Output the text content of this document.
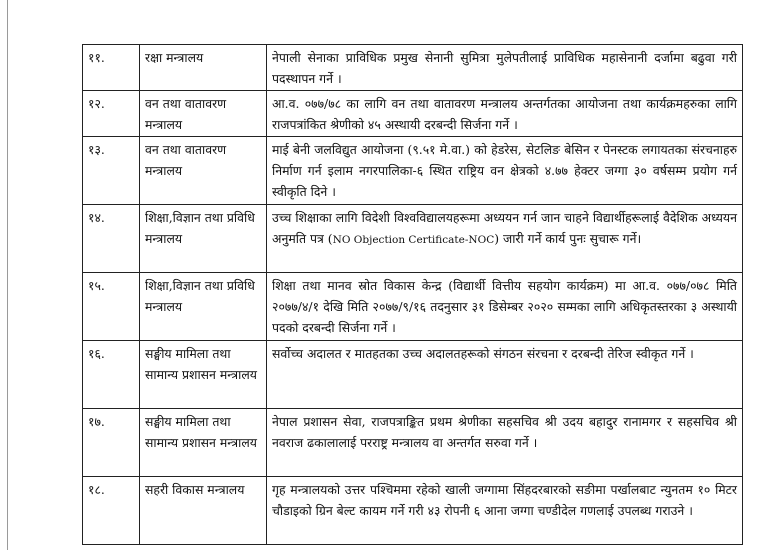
११.	रक्षा मन्त्रालय	नेपाली सेनाका प्राविधिक प्रमुख सेनानी सुमित्रा मुलेपतीलाई प्राविधिक महासेनानी दर्जामा बढुवा गरी पदस्थापन गर्ने ।
१२.	वन तथा वातावरण मन्त्रालय	आ.व. ०७७/७८ का लागि वन तथा वातावरण मन्त्रालय अन्तर्गतका आयोजना तथा कार्यक्रमहरुका लागि राजपत्रांकित श्रेणीको ४५ अस्थायी दरबन्दी सिर्जना गर्ने ।
१३.	वन तथा वातावरण मन्त्रालय	माई बेनी जलविद्युत आयोजना (९.५१ मे.वा.) को हेडरेस, सेटलिङ बेसिन र पेनस्टक लगायतका संरचनाहरु निर्माण गर्न इलाम नगरपालिका-६ स्थित राष्ट्रिय वन क्षेत्रको ४.७७ हेक्टर जग्गा ३० वर्षसम्म प्रयोग गर्न स्वीकृति दिने ।
१४.	शिक्षा,विज्ञान तथा प्रविधि मन्त्रालय	उच्च शिक्षाका लागि विदेशी विश्वविद्यालयहरूमा अध्ययन गर्न जान चाहने विद्यार्थीहरूलाई वैदेशिक अध्ययन अनुमति पत्र (NO Objection Certificate-NOC) जारी गर्ने कार्य पुनः सुचारू गर्ने।
१५.	शिक्षा,विज्ञान तथा प्रविधि मन्त्रालय	शिक्षा तथा मानव स्रोत विकास केन्द्र (विद्यार्थी वित्तीय सहयोग कार्यक्रम) मा आ.व. ०७७/०७८ मिति २०७७/४/१ देखि मिति २०७७/९/१६ तदनुसार ३१ डिसेम्बर २०२० सम्मका लागि अधिकृतस्तरका ३ अस्थायी पदको दरबन्दी सिर्जना गर्ने ।
१६.	सङ्घीय मामिला तथा सामान्य प्रशासन मन्त्रालय	सर्वोच्च अदालत र मातहतका उच्च अदालतहरूको संगठन संरचना र दरबन्दी तेरिज स्वीकृत गर्ने ।
१७.	सङ्घीय मामिला तथा सामान्य प्रशासन मन्त्रालय	नेपाल प्रशासन सेवा, राजपत्राङ्कित प्रथम श्रेणीका सहसचिव श्री उदय बहादुर रानामगर र सहसचिव श्री नवराज ढकालालाई परराष्ट्र मन्त्रालय वा अन्तर्गत सरुवा गर्ने ।
१८.	सहरी विकास मन्त्रालय	गृह मन्त्रालयको उत्तर पश्चिममा रहेको खाली जग्गामा सिंहदरबारको सङीमा पर्खालबाट न्युनतम १० मिटर चौडाइको ग्रिन बेल्ट कायम गर्ने गरी ४३ रोपनी ६ आना जग्गा चण्डीदेल गणलाई उपलब्ध गराउने ।
